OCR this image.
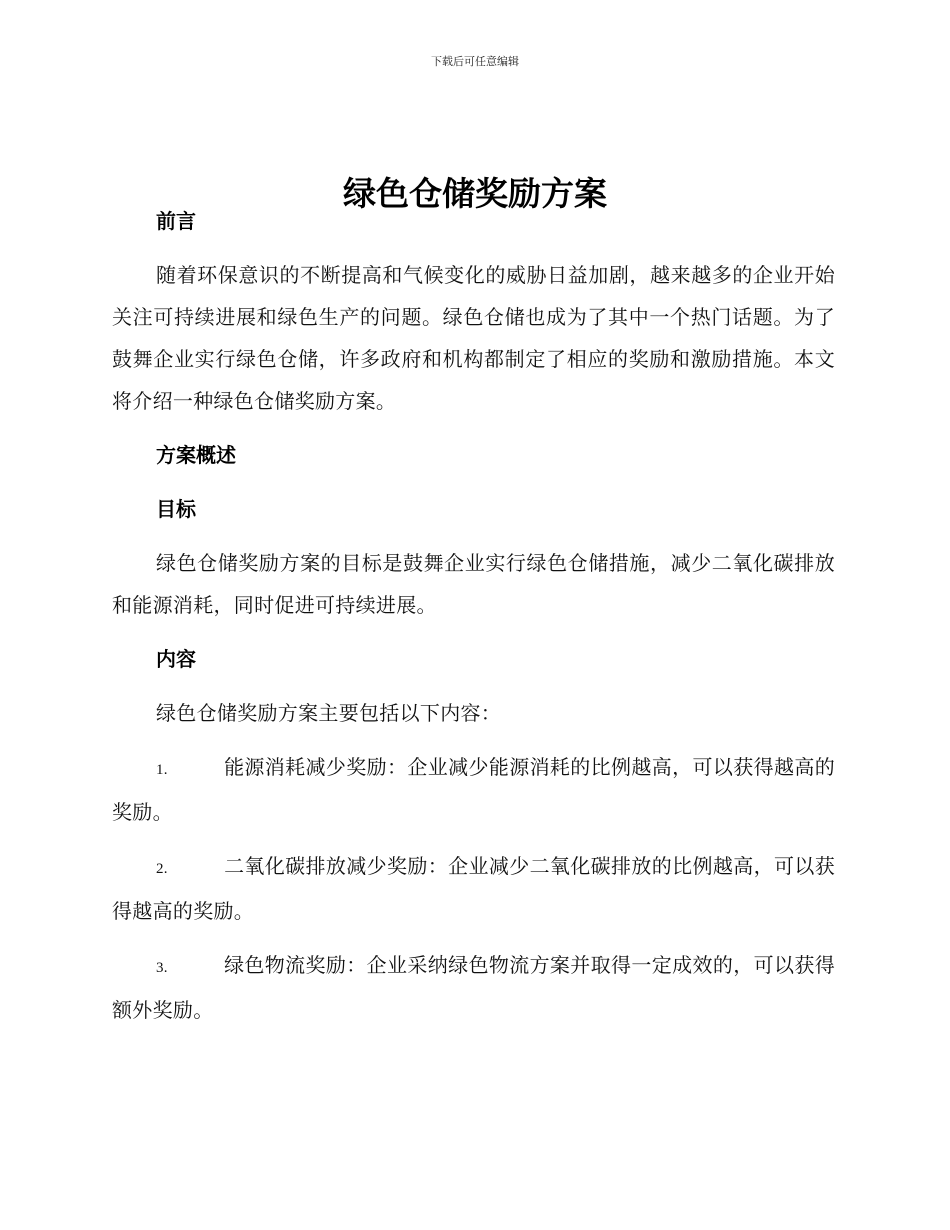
下载后可任意编辑
绿色仓储奖励方案
前言

随着环保意识的不断提高和气候变化的威胁日益加剧，越来越多的企业开始关注可持续进展和绿色生产的问题。绿色仓储也成为了其中一个热门话题。为了鼓舞企业实行绿色仓储，许多政府和机构都制定了相应的奖励和激励措施。本文将介绍一种绿色仓储奖励方案。

方案概述
目标

绿色仓储奖励方案的目标是鼓舞企业实行绿色仓储措施，减少二氧化碳排放和能源消耗，同时促进可持续进展。

内容

绿色仓储奖励方案主要包括以下内容：

1.	能源消耗减少奖励：企业减少能源消耗的比例越高，可以获得越高的奖励。

2.	二氧化碳排放减少奖励：企业减少二氧化碳排放的比例越高，可以获得越高的奖励。

3.	绿色物流奖励：企业采纳绿色物流方案并取得一定成效的，可以获得额外奖励。
